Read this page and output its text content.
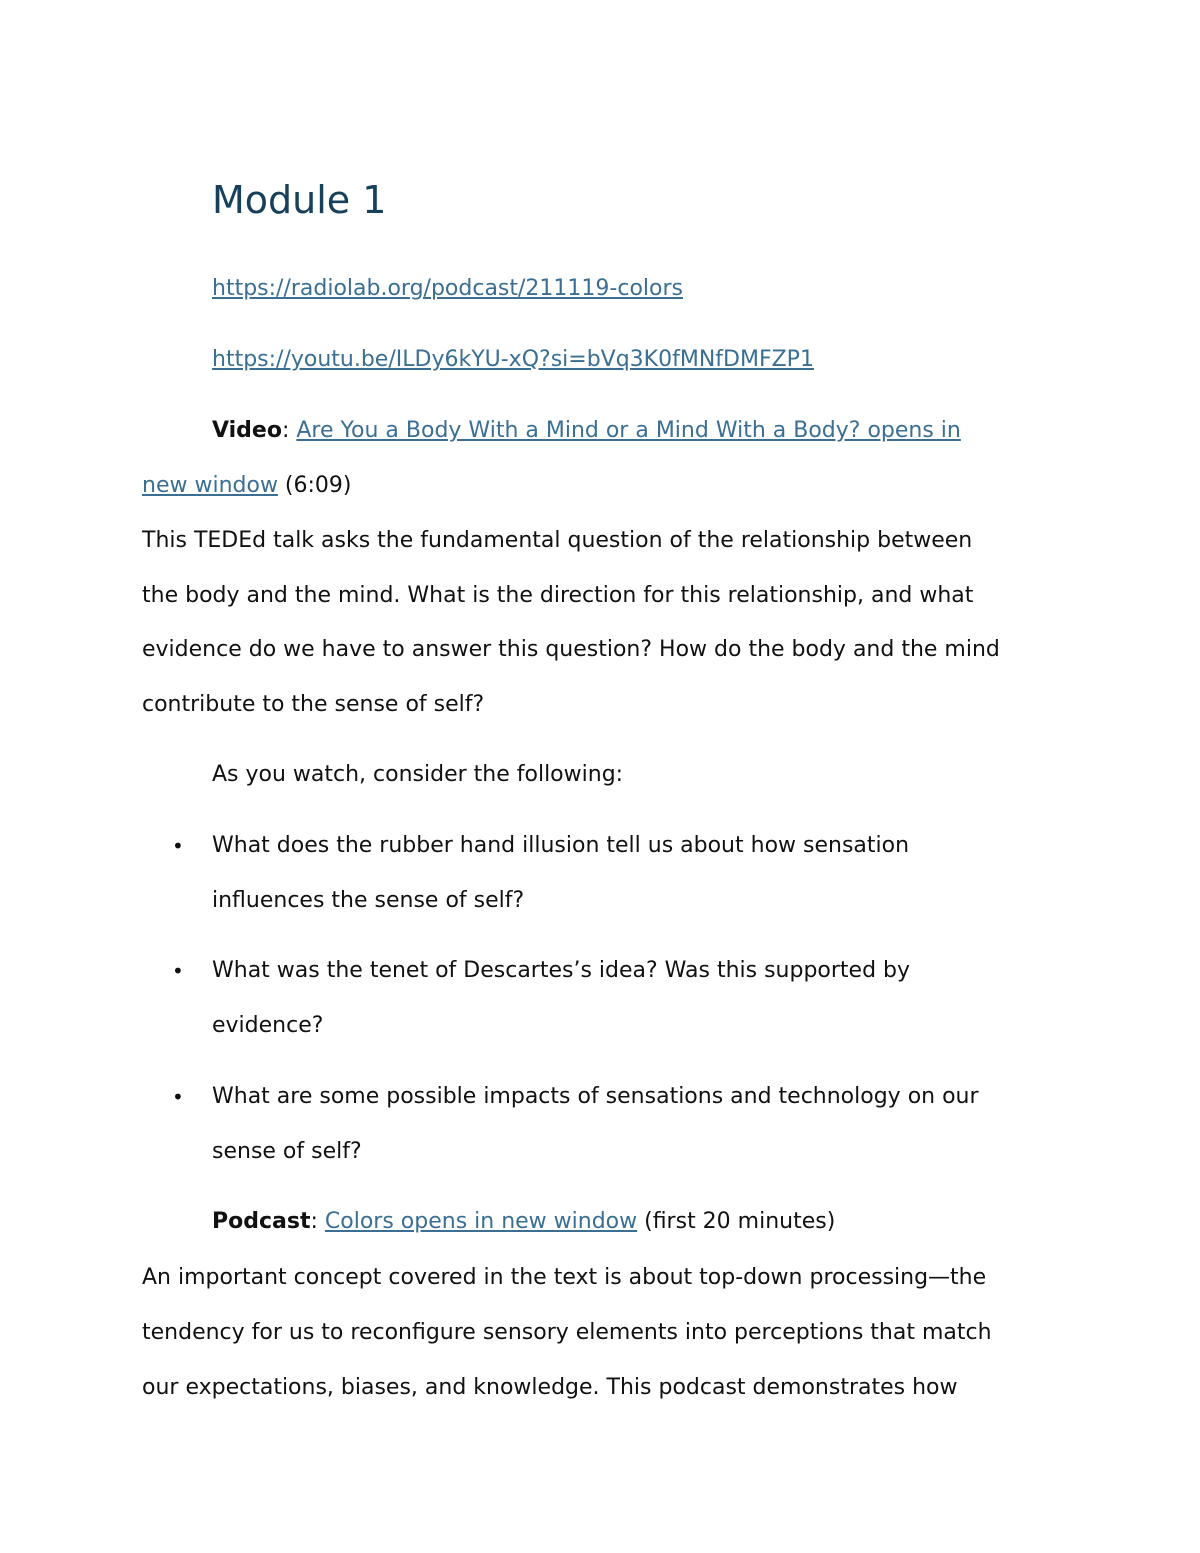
Module 1
https://radiolab.org/podcast/211119-colors
https://youtu.be/ILDy6kYU-xQ?si=bVq3K0fMNfDMFZP1
Video: Are You a Body With a Mind or a Mind With a Body? opens in
new window (6:09)
This TEDEd talk asks the fundamental question of the relationship between
the body and the mind. What is the direction for this relationship, and what
evidence do we have to answer this question? How do the body and the mind
contribute to the sense of self?
As you watch, consider the following:
• What does the rubber hand illusion tell us about how sensation
influences the sense of self?
• What was the tenet of Descartes’s idea? Was this supported by
evidence?
• What are some possible impacts of sensations and technology on our
sense of self?
Podcast: Colors opens in new window (first 20 minutes)
An important concept covered in the text is about top-down processing—the
tendency for us to reconfigure sensory elements into perceptions that match
our expectations, biases, and knowledge. This podcast demonstrates how
